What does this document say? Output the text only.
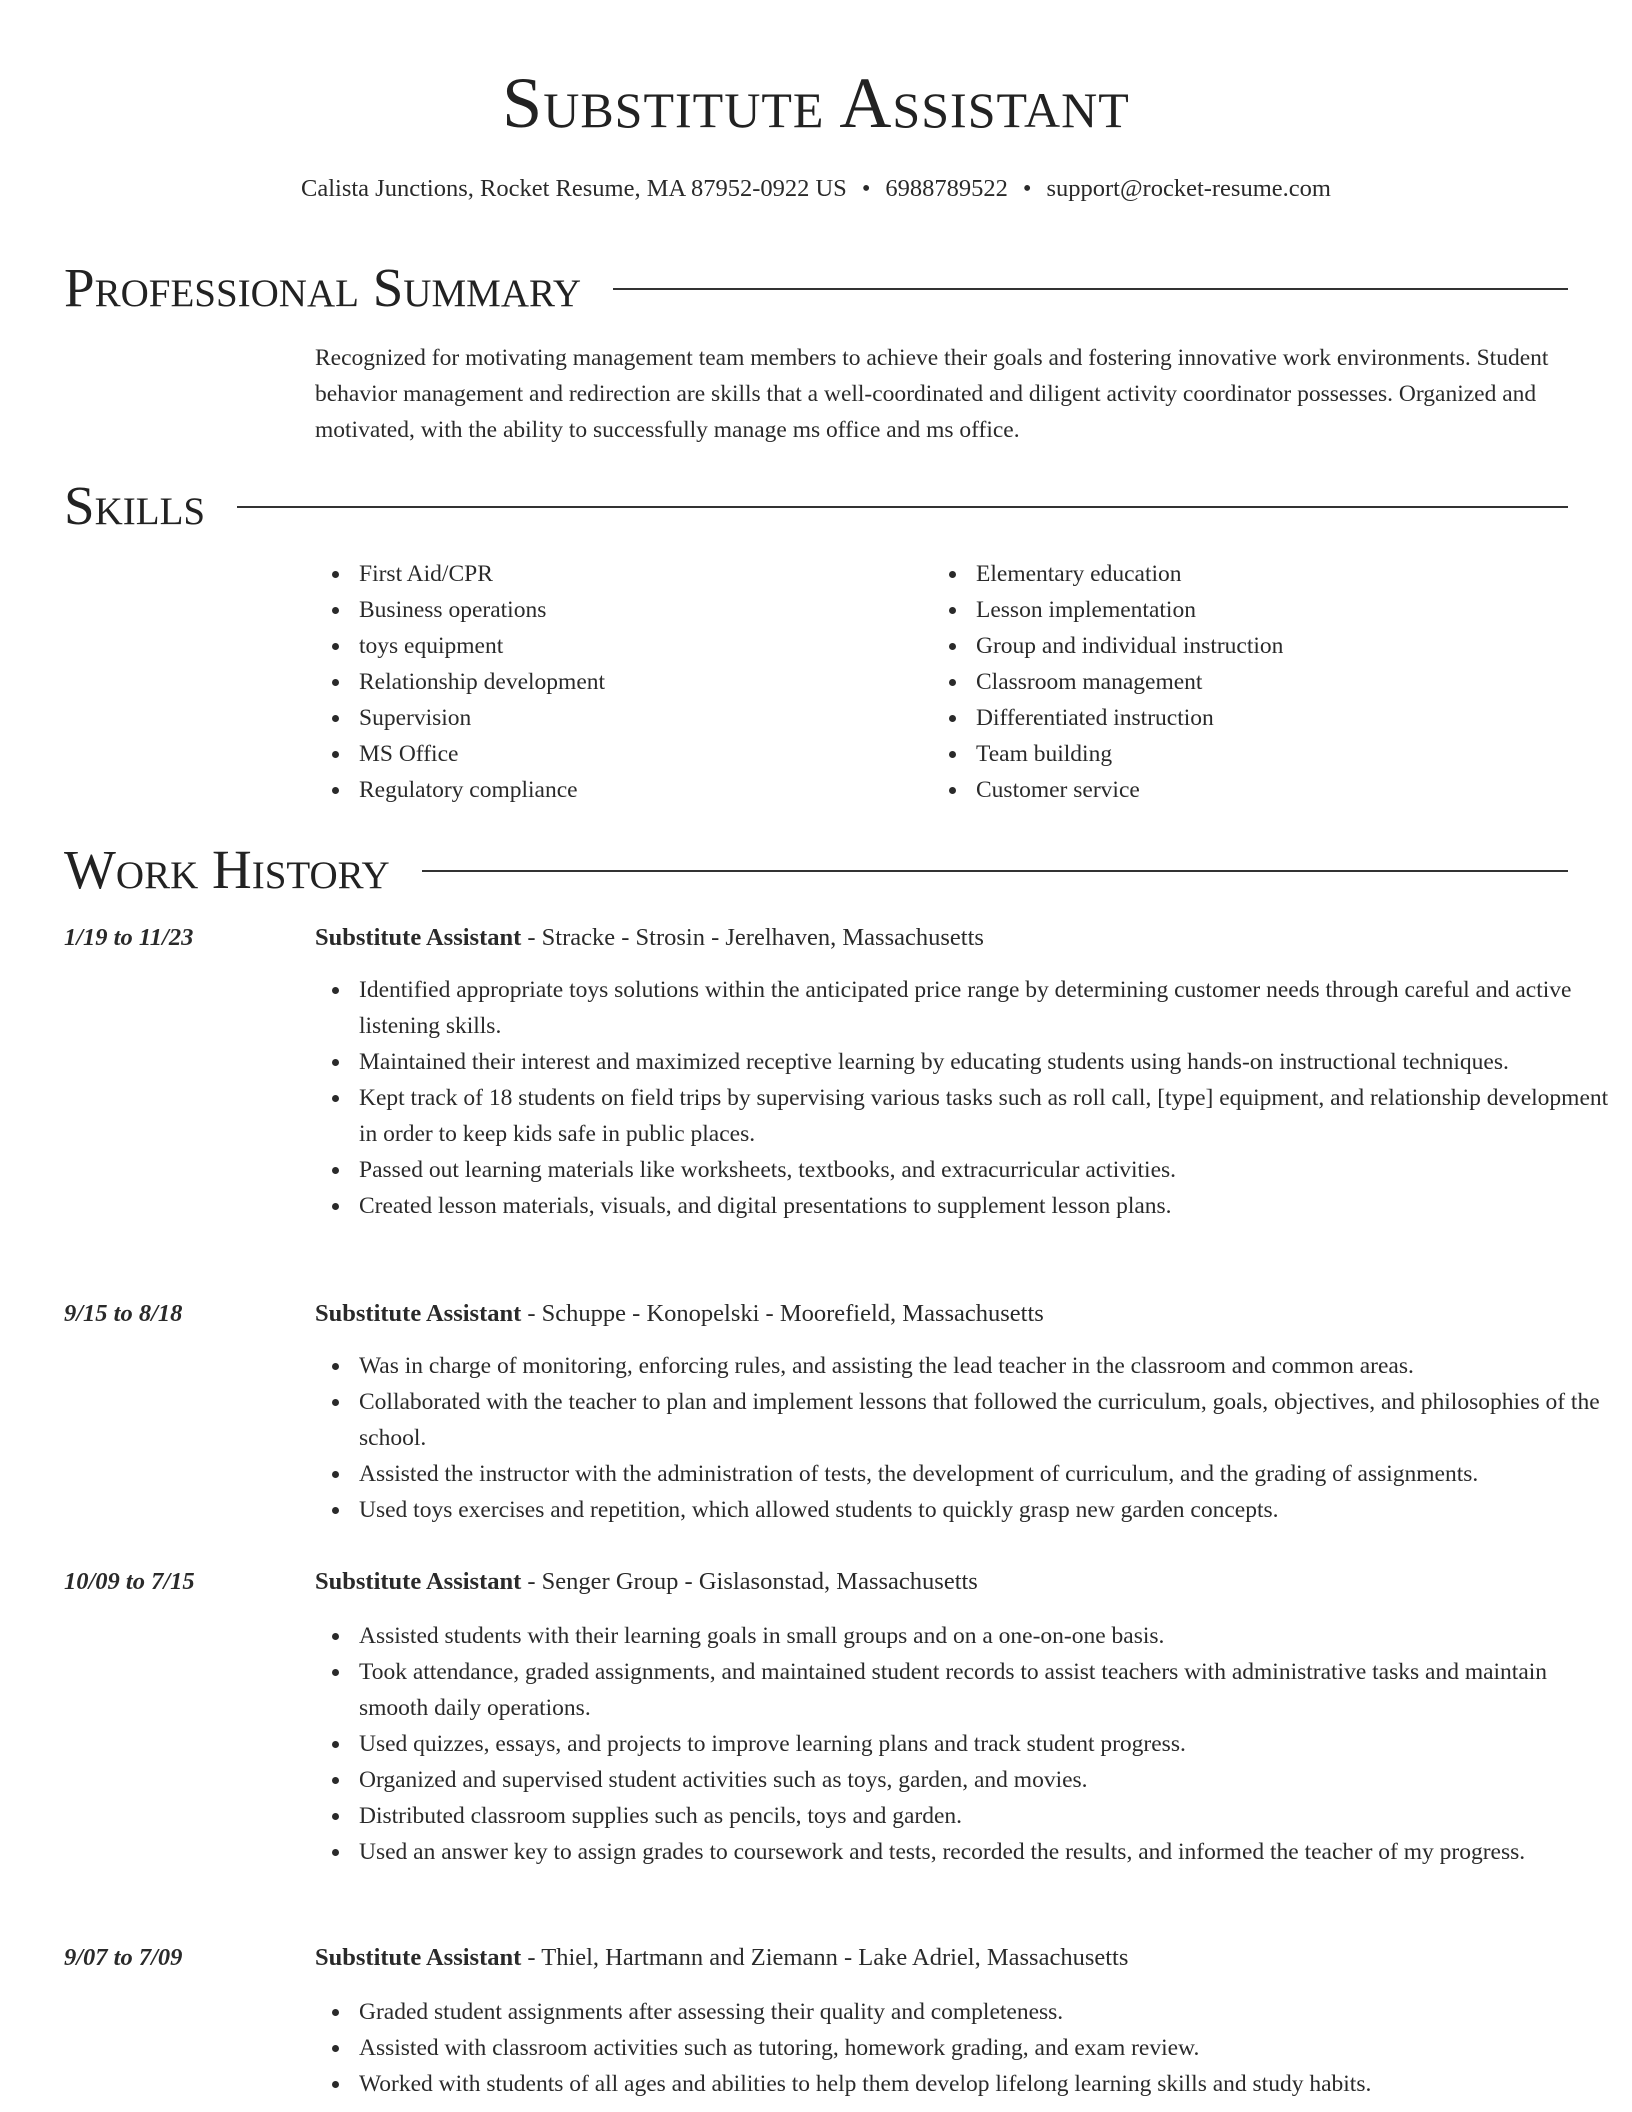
Substitute Assistant
Calista Junctions, Rocket Resume, MA 87952-0922 US • 6988789522 • support@rocket-resume.com
Professional Summary
Recognized for motivating management team members to achieve their goals and fostering innovative work environments. Student behavior management and redirection are skills that a well-coordinated and diligent activity coordinator possesses. Organized and motivated, with the ability to successfully manage ms office and ms office.
Skills
First Aid/CPR
Business operations
toys equipment
Relationship development
Supervision
MS Office
Regulatory compliance
Elementary education
Lesson implementation
Group and individual instruction
Classroom management
Differentiated instruction
Team building
Customer service
Work History
1/19 to 11/23	Substitute Assistant - Stracke - Strosin - Jerelhaven, Massachusetts
Identified appropriate toys solutions within the anticipated price range by determining customer needs through careful and active listening skills.
Maintained their interest and maximized receptive learning by educating students using hands-on instructional techniques.
Kept track of 18 students on field trips by supervising various tasks such as roll call, [type] equipment, and relationship development in order to keep kids safe in public places.
Passed out learning materials like worksheets, textbooks, and extracurricular activities.
Created lesson materials, visuals, and digital presentations to supplement lesson plans.
9/15 to 8/18	Substitute Assistant - Schuppe - Konopelski - Moorefield, Massachusetts
Was in charge of monitoring, enforcing rules, and assisting the lead teacher in the classroom and common areas.
Collaborated with the teacher to plan and implement lessons that followed the curriculum, goals, objectives, and philosophies of the school.
Assisted the instructor with the administration of tests, the development of curriculum, and the grading of assignments.
Used toys exercises and repetition, which allowed students to quickly grasp new garden concepts.
10/09 to 7/15	Substitute Assistant - Senger Group - Gislasonstad, Massachusetts
Assisted students with their learning goals in small groups and on a one-on-one basis.
Took attendance, graded assignments, and maintained student records to assist teachers with administrative tasks and maintain smooth daily operations.
Used quizzes, essays, and projects to improve learning plans and track student progress.
Organized and supervised student activities such as toys, garden, and movies.
Distributed classroom supplies such as pencils, toys and garden.
Used an answer key to assign grades to coursework and tests, recorded the results, and informed the teacher of my progress.
9/07 to 7/09	Substitute Assistant - Thiel, Hartmann and Ziemann - Lake Adriel, Massachusetts
Graded student assignments after assessing their quality and completeness.
Assisted with classroom activities such as tutoring, homework grading, and exam review.
Worked with students of all ages and abilities to help them develop lifelong learning skills and study habits.
